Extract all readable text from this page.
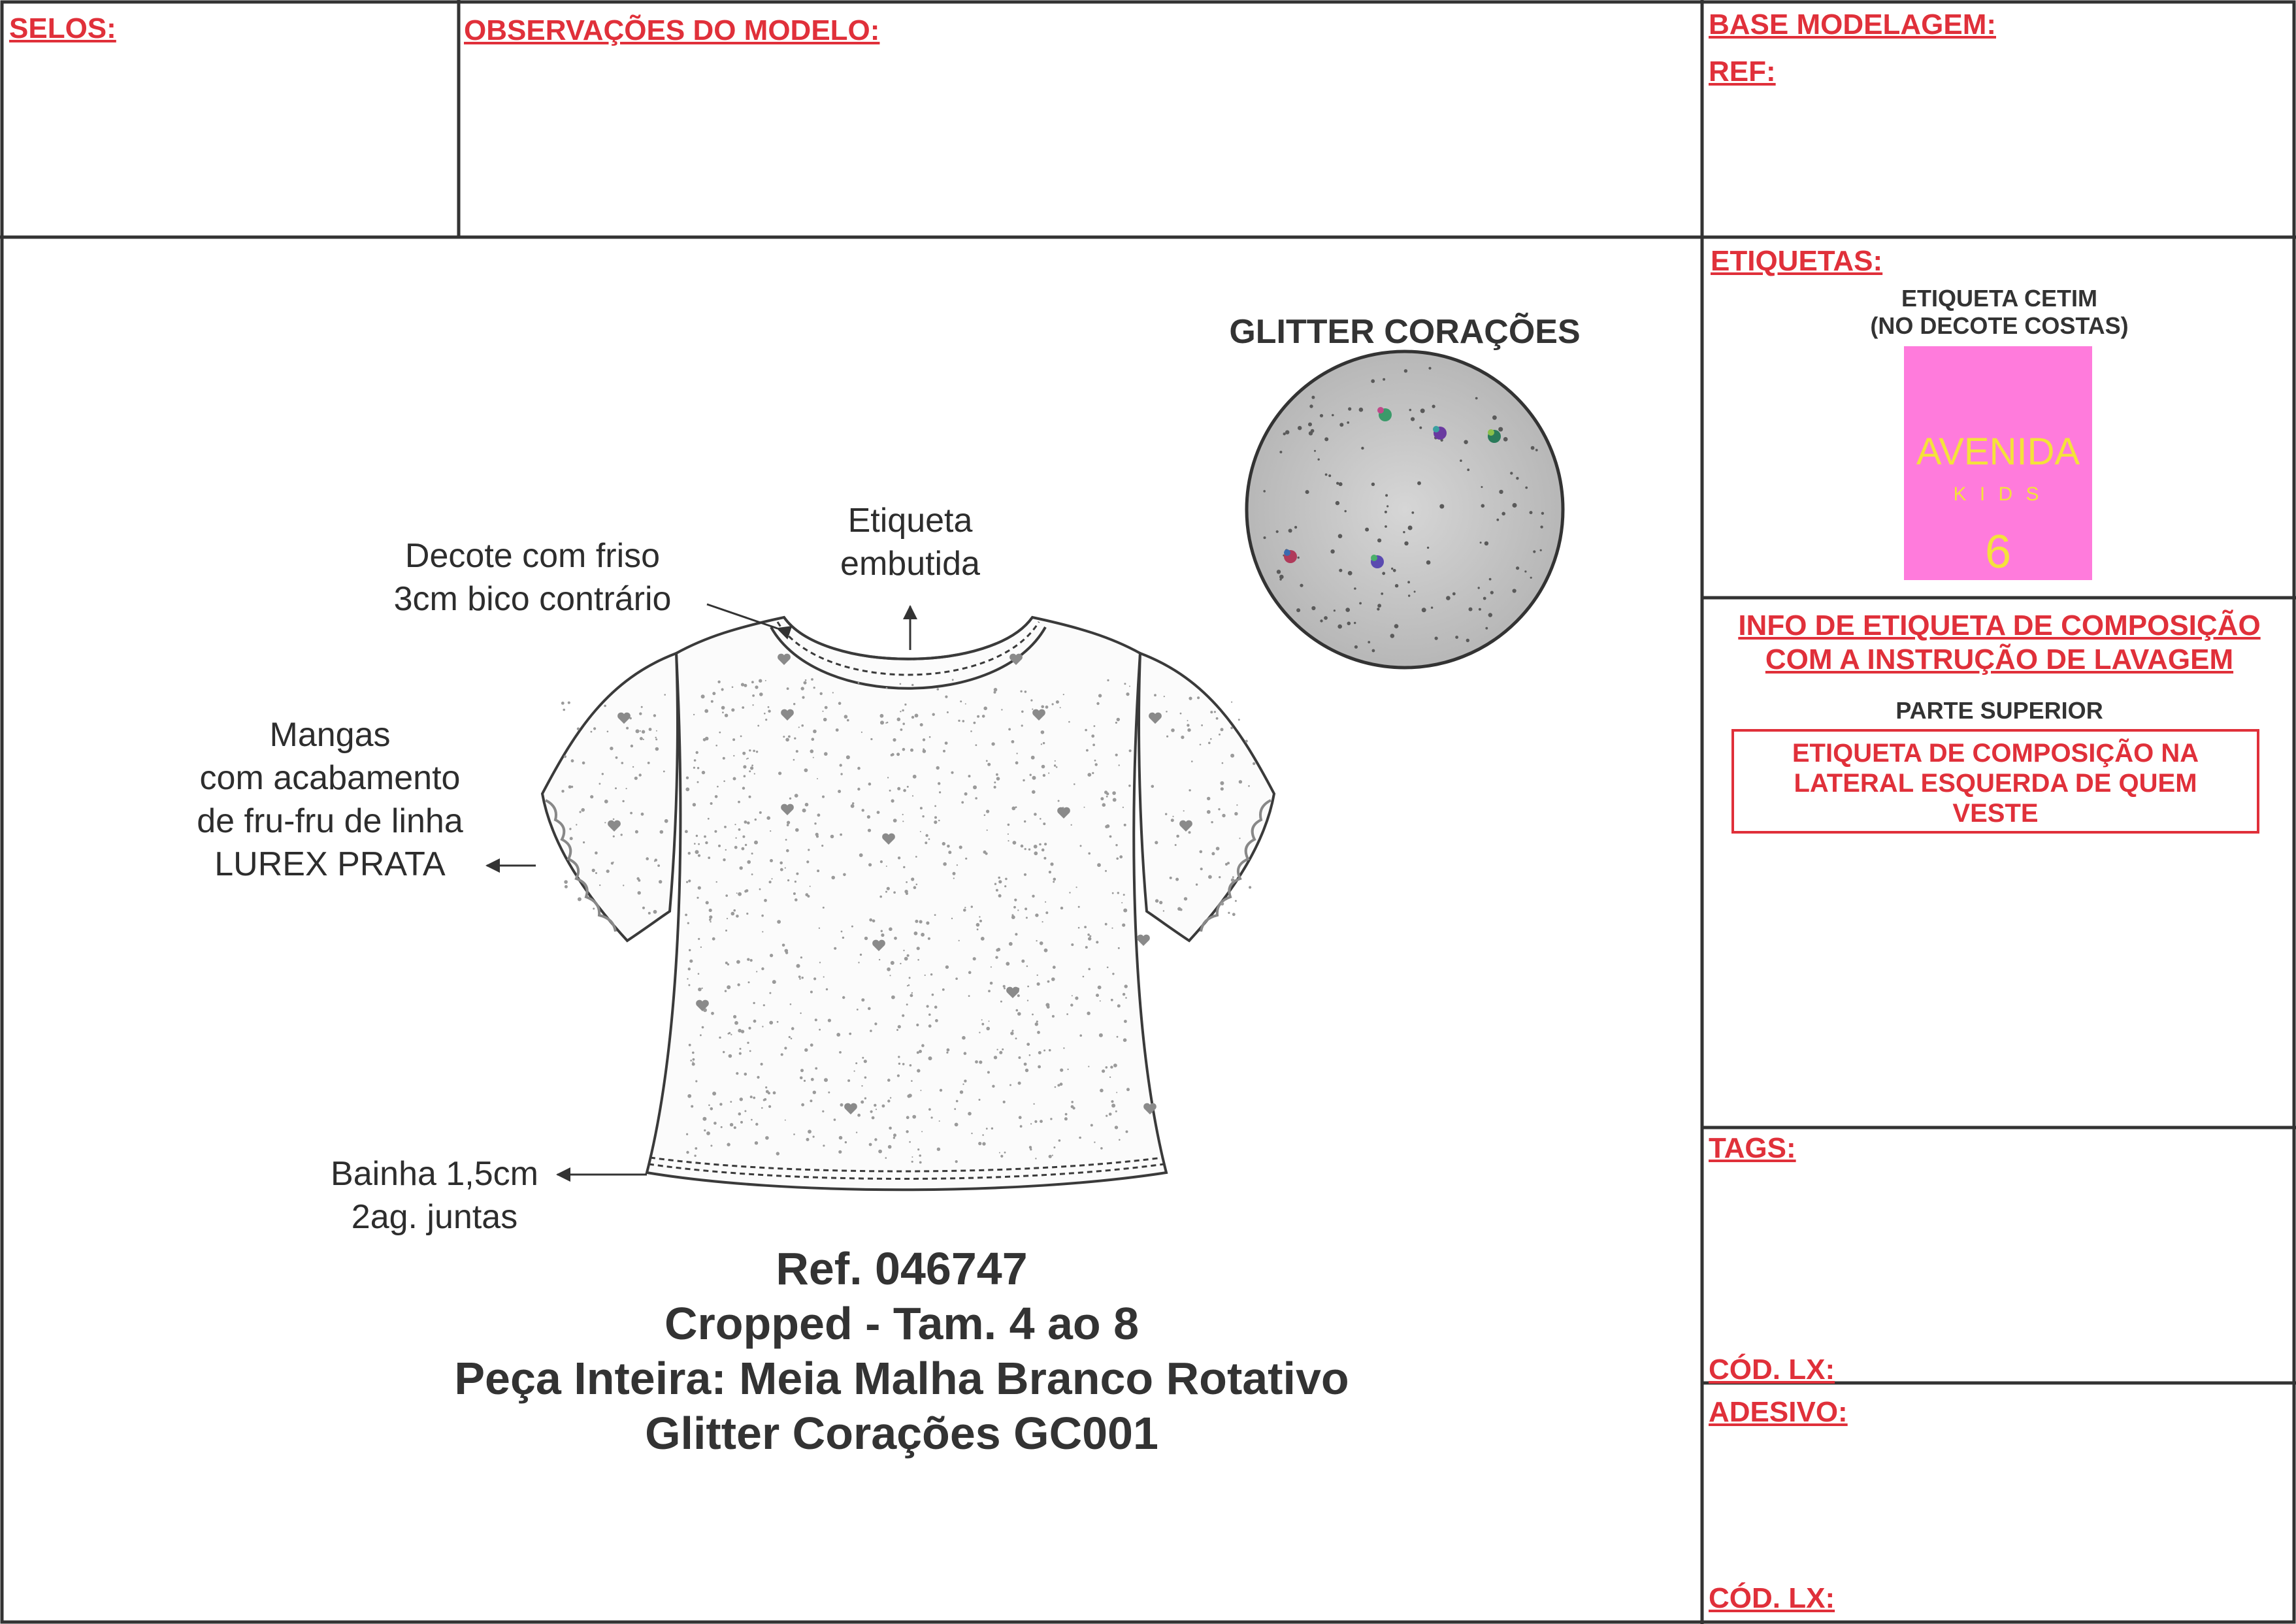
SELOS:	OBSERVAÇÕES DO MODELO:	BASE MODELAGEM:
REF:
GLITTER CORAÇÕES
Etiqueta
embutida
Decote com friso
3cm bico contrário
Mangas
com acabamento
de fru-fru de linha
LUREX PRATA
Bainha 1,5cm
2ag. juntas
Ref. 046747
Cropped - Tam. 4 ao 8
Peça Inteira: Meia Malha Branco Rotativo
Glitter Corações GC001
ETIQUETAS:
ETIQUETA CETIM
(NO DECOTE COSTAS)
AVENIDA
K I D S
6
INFO DE ETIQUETA DE COMPOSIÇÃO
COM A INSTRUÇÃO DE LAVAGEM
PARTE SUPERIOR
ETIQUETA DE COMPOSIÇÃO NA
LATERAL ESQUERDA DE QUEM
VESTE
TAGS:
CÓD. LX:
ADESIVO:
CÓD. LX:
